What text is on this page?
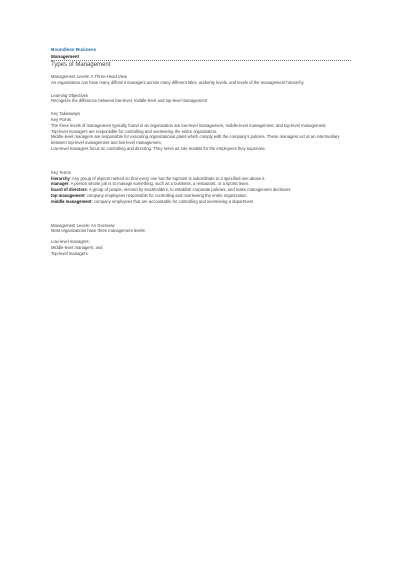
Boundless Business
Management
Types of Management

Management Levels: A Three-Head View

An organization can have many different managers across many different titles, authority levels, and levels of the management hierarchy.

Learning Objectives

Recognize the difference between low-level, middle-level and top-level management

Key Takeaways

Key Points

The three levels of management typically found in an organization are low-level management, middle-level management, and top-level management.

Top-level managers are responsible for controlling and overseeing the entire organization.

Middle-level managers are responsible for executing organizational plans which comply with the company's policies. These managers act at an intermediary between top-level management and low-level management.

Low-level managers focus on controlling and directing. They serve as role models for the employees they supervise.

Key Terms

hierarchy: Any group of objects ranked so that every one but the topmost is subordinate to a specified one above it.

manager: A person whose job is to manage something, such as a business, a restaurant, or a sports team.

board of directors: A group of people, elected by stockholders, to establish corporate policies, and make management decisions.

top management: company employees responsible for controlling and overseeing the entire organization

middle management: company employees that are accountable for controlling and overseeing a department

Management Levels: An Overview

Most organizations have three management levels:

Low-level managers;

Middle-level managers; and

Top-level managers.
